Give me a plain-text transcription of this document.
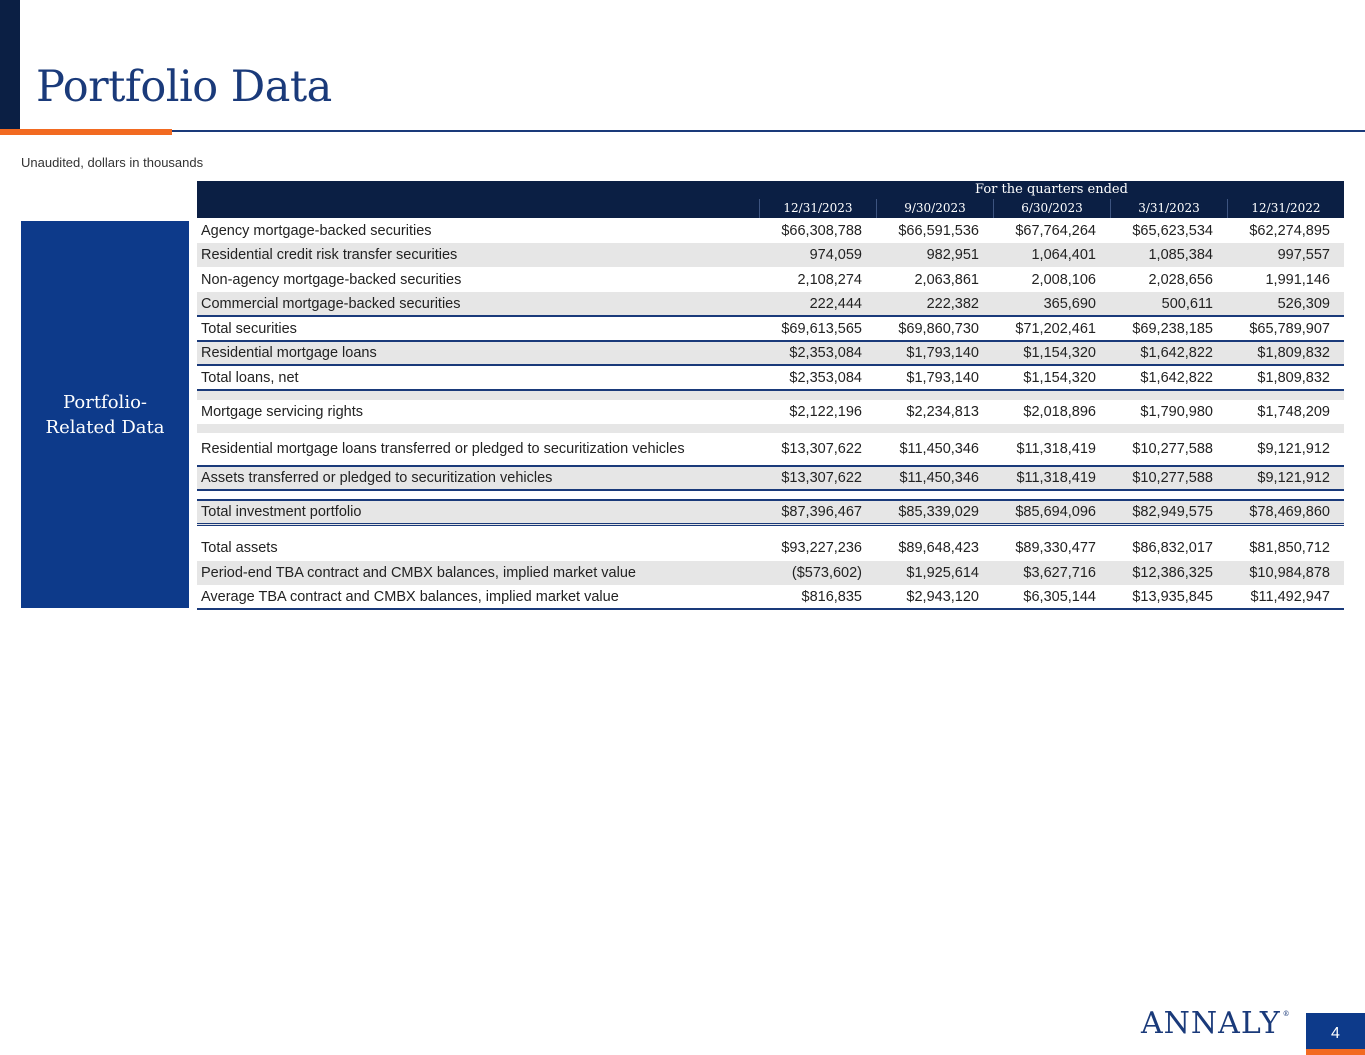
Portfolio Data
Unaudited, dollars in thousands
Portfolio-Related Data
For the quarters ended
12/31/2023	9/30/2023	6/30/2023	3/31/2023	12/31/2022
Agency mortgage-backed securities	$66,308,788	$66,591,536	$67,764,264	$65,623,534	$62,274,895
Residential credit risk transfer securities	974,059	982,951	1,064,401	1,085,384	997,557
Non-agency mortgage-backed securities	2,108,274	2,063,861	2,008,106	2,028,656	1,991,146
Commercial mortgage-backed securities	222,444	222,382	365,690	500,611	526,309
Total securities	$69,613,565	$69,860,730	$71,202,461	$69,238,185	$65,789,907
Residential mortgage loans	$2,353,084	$1,793,140	$1,154,320	$1,642,822	$1,809,832
Total loans, net	$2,353,084	$1,793,140	$1,154,320	$1,642,822	$1,809,832
Mortgage servicing rights	$2,122,196	$2,234,813	$2,018,896	$1,790,980	$1,748,209
Residential mortgage loans transferred or pledged to securitization vehicles	$13,307,622	$11,450,346	$11,318,419	$10,277,588	$9,121,912
Assets transferred or pledged to securitization vehicles	$13,307,622	$11,450,346	$11,318,419	$10,277,588	$9,121,912
Total investment portfolio	$87,396,467	$85,339,029	$85,694,096	$82,949,575	$78,469,860
Total assets	$93,227,236	$89,648,423	$89,330,477	$86,832,017	$81,850,712
Period-end TBA contract and CMBX balances, implied market value	($573,602)	$1,925,614	$3,627,716	$12,386,325	$10,984,878
Average TBA contract and CMBX balances, implied market value	$816,835	$2,943,120	$6,305,144	$13,935,845	$11,492,947
ANNALY ®
4
